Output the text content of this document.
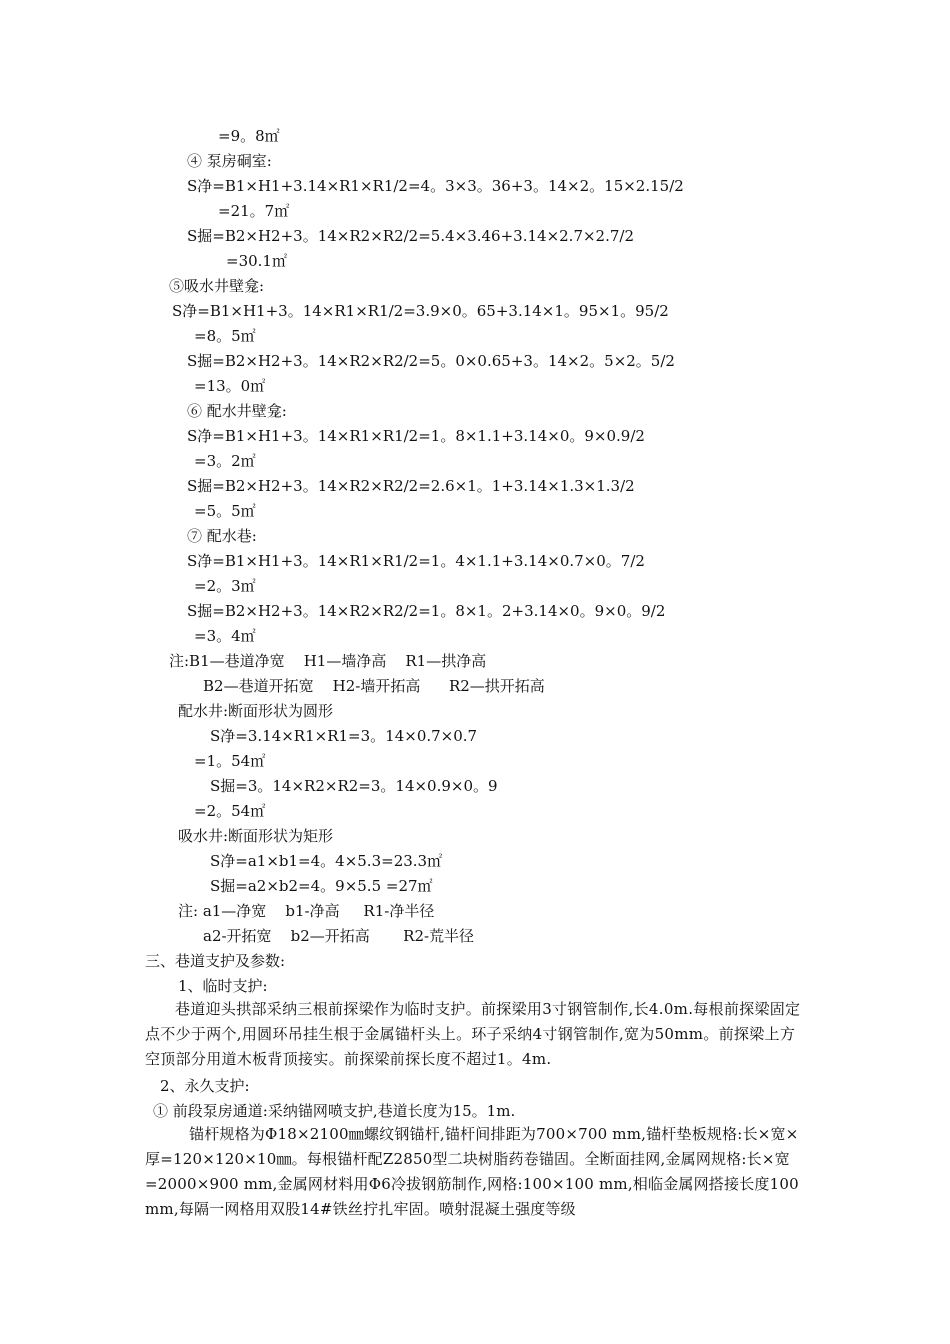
=9。8㎡
④ 泵房硐室:
S净=B1×H1+3.14×R1×R1/2=4。3×3。36+3。14×2。15×2.15/2
=21。7㎡
S掘=B2×H2+3。14×R2×R2/2=5.4×3.46+3.14×2.7×2.7/2
=30.1㎡
⑤吸水井壁龛:
S净=B1×H1+3。14×R1×R1/2=3.9×0。65+3.14×1。95×1。95/2
=8。5㎡
S掘=B2×H2+3。14×R2×R2/2=5。0×0.65+3。14×2。5×2。5/2
=13。0㎡
⑥ 配水井壁龛:
S净=B1×H1+3。14×R1×R1/2=1。8×1.1+3.14×0。9×0.9/2
=3。2㎡
S掘=B2×H2+3。14×R2×R2/2=2.6×1。1+3.14×1.3×1.3/2
=5。5㎡
⑦ 配水巷:
S净=B1×H1+3。14×R1×R1/2=1。4×1.1+3.14×0.7×0。7/2
=2。3㎡
S掘=B2×H2+3。14×R2×R2/2=1。8×1。2+3.14×0。9×0。9/2
=3。4㎡
注:B1—巷道净宽    H1—墙净高    R1—拱净高
B2—巷道开拓宽    H2-墙开拓高      R2—拱开拓高
配水井:断面形状为圆形
S净=3.14×R1×R1=3。14×0.7×0.7
=1。54㎡
S掘=3。14×R2×R2=3。14×0.9×0。9
=2。54㎡
吸水井:断面形状为矩形
S净=a1×b1=4。4×5.3=23.3㎡
S掘=a2×b2=4。9×5.5 =27㎡
注: a1—净宽    b1-净高     R1-净半径
a2-开拓宽    b2—开拓高       R2-荒半径
三、巷道支护及参数:
1、临时支护:
巷道迎头拱部采纳三根前探梁作为临时支护。前探梁用3寸钢管制作,长4.0m.每根前探梁固定点不少于两个,用圆环吊挂生根于金属锚杆头上。环子采纳4寸钢管制作,宽为50mm。前探梁上方空顶部分用道木板背顶接实。前探梁前探长度不超过1。4m.
2、永久支护:
① 前段泵房通道:采纳锚网喷支护,巷道长度为15。1m.
锚杆规格为Φ18×2100㎜螺纹钢锚杆,锚杆间排距为700×700 mm,锚杆垫板规格:长×宽×厚=120×120×10㎜。每根锚杆配Z2850型二块树脂药卷锚固。全断面挂网,金属网规格:长×宽=2000×900 mm,金属网材料用Φ6冷拔钢筋制作,网格:100×100 mm,相临金属网搭接长度100 mm,每隔一网格用双股14#铁丝拧扎牢固。喷射混凝土强度等级
